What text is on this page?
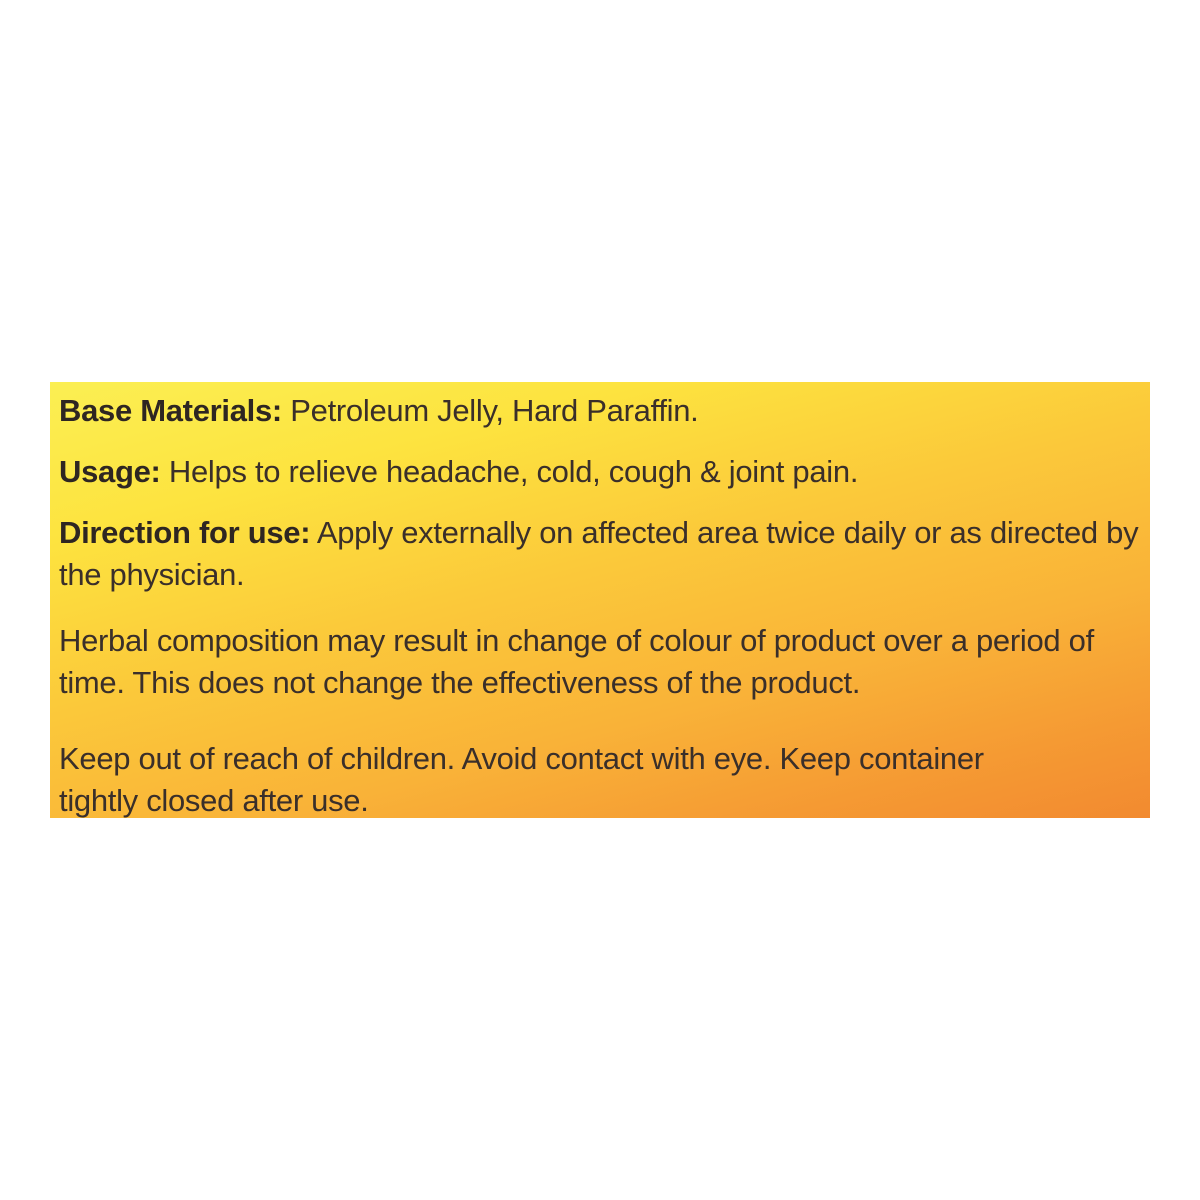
Base Materials: Petroleum Jelly, Hard Paraffin.

Usage: Helps to relieve headache, cold, cough & joint pain.

Direction for use: Apply externally on affected area twice daily or as directed by the physician.

Herbal composition may result in change of colour of product over a period of time. This does not change the effectiveness of the product.

Keep out of reach of children. Avoid contact with eye. Keep container tightly closed after use.
